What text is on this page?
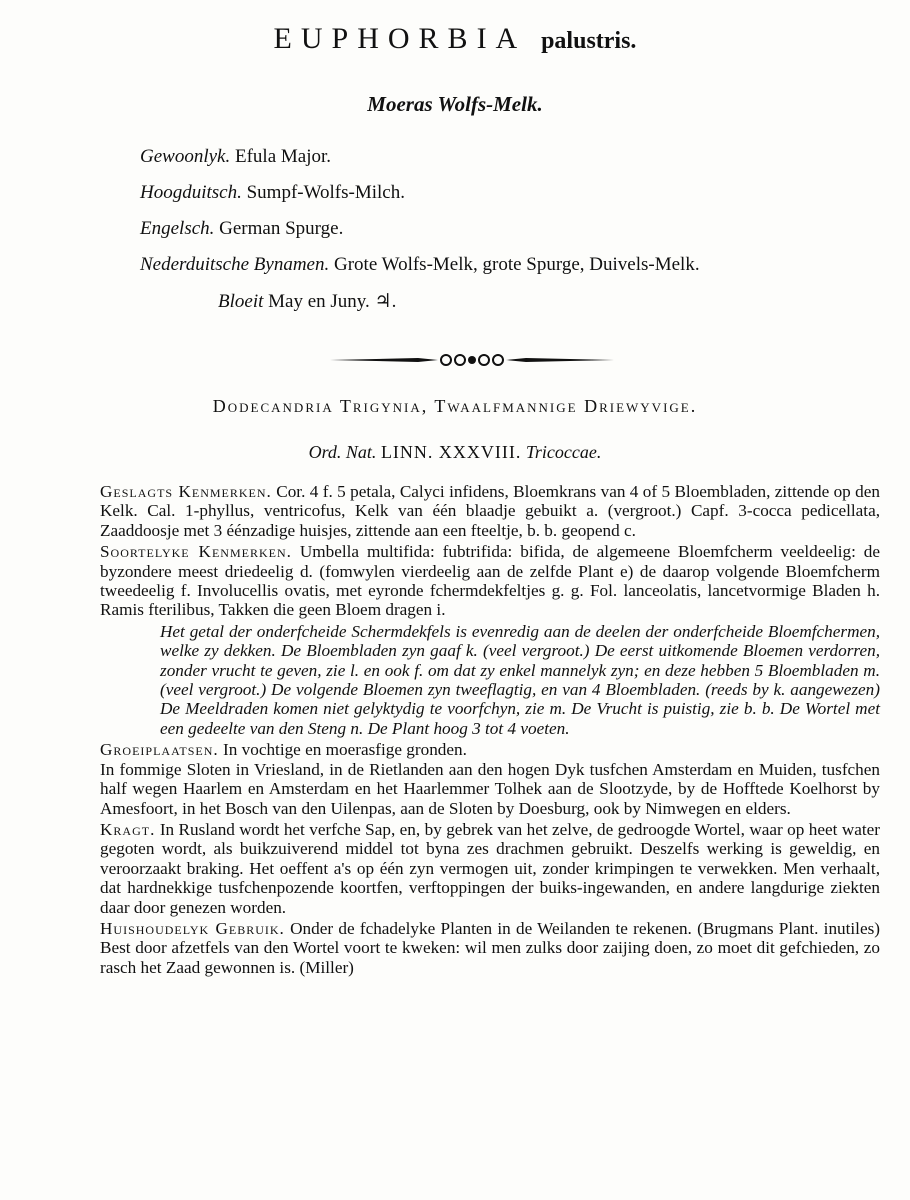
EUPHORBIA palustris.
Moeras Wolfs-Melk.
Gewoonlyk. Efula Major.
Hoogduitsch. Sumpf-Wolfs-Milch.
Engelsch. German Spurge.
Nederduitsche Bynamen. Grote Wolfs-Melk, grote Spurge, Duivels-Melk.
Bloeit May en Juny. ♃.
Dodecandria Trigynia, Twaalfmannige Driewyvige.
Ord. Nat. LINN. XXXVIII. Tricoccae.

Geslagts Kenmerken. Cor. 4 f. 5 petala, Calyci infidens, Bloemkrans van 4 of 5 Bloembladen, zittende op den Kelk. Cal. 1-phyllus, ventricofus, Kelk van één blaadje gebuikt a. (vergroot.) Capf. 3-cocca pedicellata, Zaaddoosje met 3 éénzadige huisjes, zittende aan een fteeltje, b. b. geopend c.

Soortelyke Kenmerken. Umbella multifida: fubtrifida: bifida, de algemeene Bloemfcherm veeldeelig: de byzondere meest driedeelig d. (fomwylen vierdeelig aan de zelfde Plant e) de daarop volgende Bloemfcherm tweedeelig f. Involucellis ovatis, met eyronde fchermdekfeltjes g. g. Fol. lanceolatis, lancetvormige Bladen h. Ramis fterilibus, Takken die geen Bloem dragen i.

Het getal der onderfcheide Schermdekfels is evenredig aan de deelen der onderfcheide Bloemfchermen, welke zy dekken. De Bloembladen zyn gaaf k. (veel vergroot.) De eerst uitkomende Bloemen verdorren, zonder vrucht te geven, zie l. en ook f. om dat zy enkel mannelyk zyn; en deze hebben 5 Bloembladen m. (veel vergroot.) De volgende Bloemen zyn tweeflagtig, en van 4 Bloembladen. (reeds by k. aangewezen) De Meeldraden komen niet gelyktydig te voorfchyn, zie m. De Vrucht is puistig, zie b. b. De Wortel met een gedeelte van den Steng n. De Plant hoog 3 tot 4 voeten.

Groeiplaatsen. In vochtige en moerasfige gronden.

In fommige Sloten in Vriesland, in de Rietlanden aan den hogen Dyk tusfchen Amsterdam en Muiden, tusfchen half wegen Haarlem en Amsterdam en het Haarlemmer Tolhek aan de Slootzyde, by de Hofftede Koelhorst by Amesfoort, in het Bosch van den Uilenpas, aan de Sloten by Doesburg, ook by Nimwegen en elders.

Kragt. In Rusland wordt het verfche Sap, en, by gebrek van het zelve, de gedroogde Wortel, waar op heet water gegoten wordt, als buikzuiverend middel tot byna zes drachmen gebruikt. Deszelfs werking is geweldig, en veroorzaakt braking. Het oeffent a's op één zyn vermogen uit, zonder krimpingen te verwekken. Men verhaalt, dat hardnekkige tusfchenpozende koortfen, verftoppingen der buiks-ingewanden, en andere langdurige ziekten daar door genezen worden.

Huishoudelyk Gebruik. Onder de fchadelyke Planten in de Weilanden te rekenen. (Brugmans Plant. inutiles) Best door afzetfels van den Wortel voort te kweken: wil men zulks door zaijing doen, zo moet dit gefchieden, zo rasch het Zaad gewonnen is. (Miller)
